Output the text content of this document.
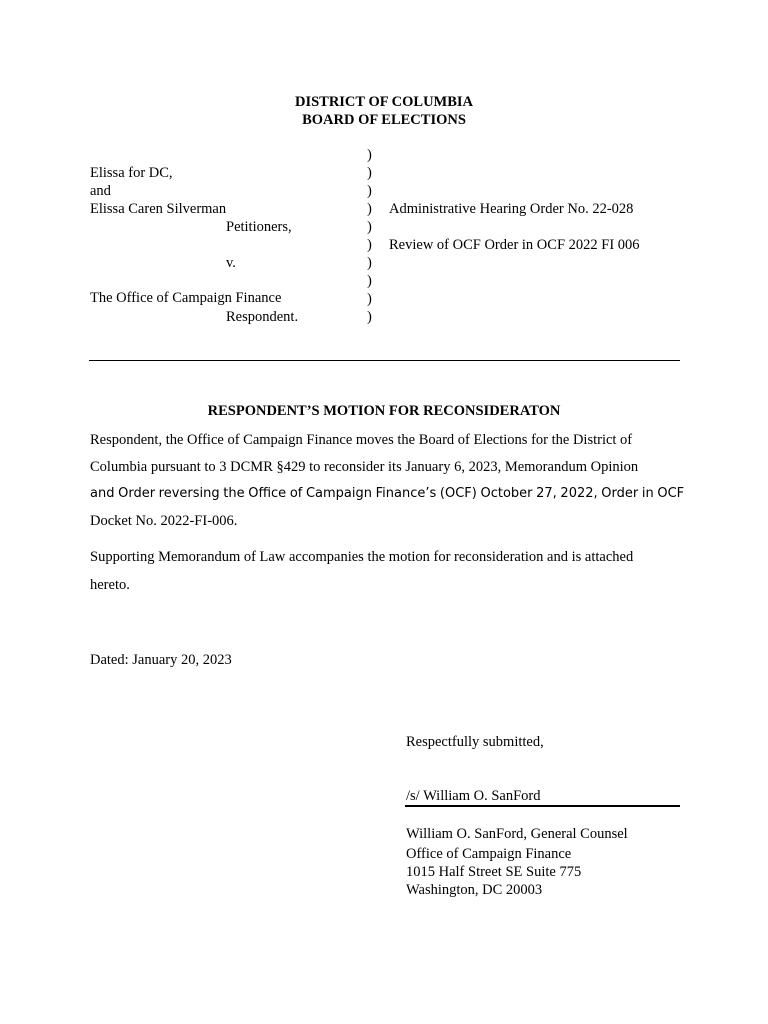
DISTRICT OF COLUMBIA
BOARD OF ELECTIONS
Elissa for DC,
and
Elissa Caren Silverman
Petitioners,
v.
The Office of Campaign Finance
Respondent.
)
)
)
)
)
)
)
)
)
)
Administrative Hearing Order No. 22-028
Review of OCF Order in OCF 2022 FI 006
RESPONDENT’S MOTION FOR RECONSIDERATON
Respondent, the Office of Campaign Finance moves the Board of Elections for the District of
Columbia pursuant to 3 DCMR §429 to reconsider its January 6, 2023, Memorandum Opinion
and Order reversing the Office of Campaign Finance’s (OCF) October 27, 2022, Order in OCF
Docket No. 2022-FI-006.
Supporting Memorandum of Law accompanies the motion for reconsideration and is attached
hereto.
Dated: January 20, 2023
Respectfully submitted,
/s/ William O. SanFord
William O. SanFord, General Counsel
Office of Campaign Finance
1015 Half Street SE Suite 775
Washington, DC 20003
